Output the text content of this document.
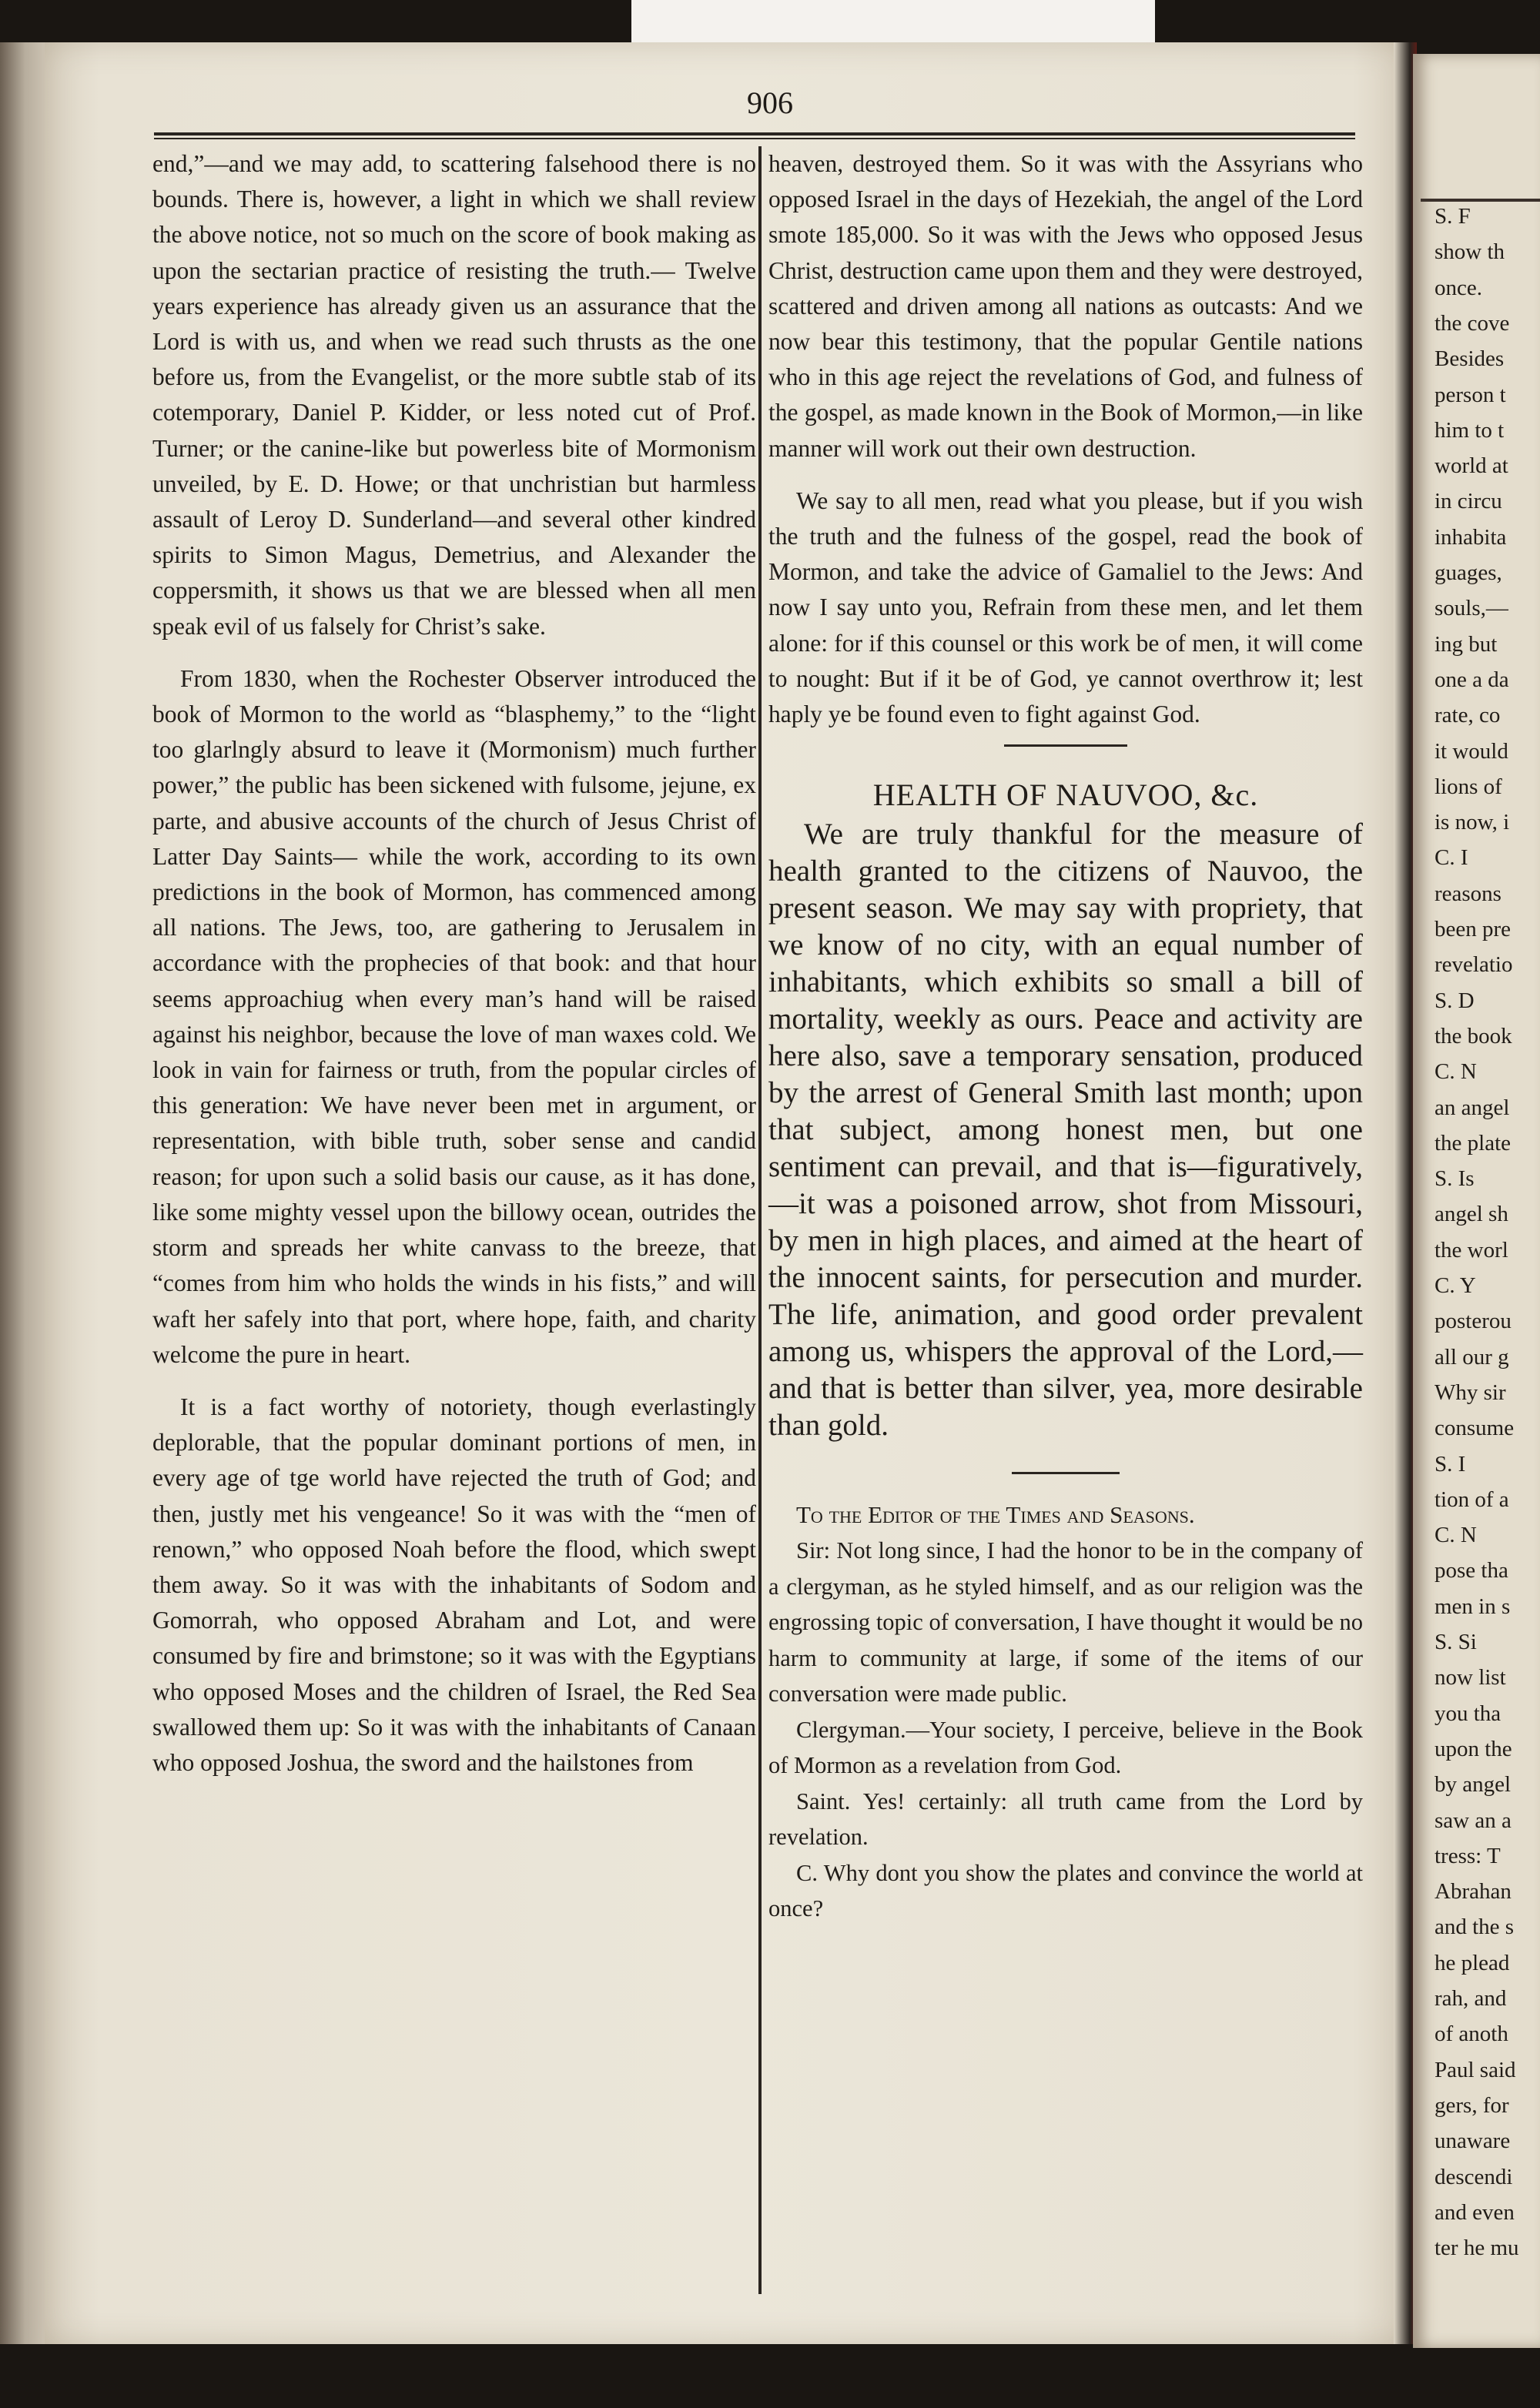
S. F
show th
once.
the cove
Besides
person t
him to t
world at
in circu
inhabita
guages,
souls,—
ing but
one a da
rate, co
it would
lions of
is now, i
C. I
reasons
been pre
revelatio
S. D
the book
C. N
an angel
the plate
S. Is
angel sh
the worl
C. Y
posterou
all our g
Why sir
consume
S. I
tion of a
C. N
pose tha
men in s
S. Si
now list
you tha
upon the
by angel
saw an a
tress: T
Abrahan
and the s
he plead
rah, and
of anoth
Paul said
gers, for
unaware
descendi
and even
ter he mu
906

end,”—and we may add, to scattering falsehood there is no bounds. There is, however, a light in which we shall review the above notice, not so much on the score of book making as upon the sectarian practice of resisting the truth.— Twelve years experience has already given us an assurance that the Lord is with us, and when we read such thrusts as the one before us, from the Evangelist, or the more subtle stab of its cotemporary, Daniel P. Kidder, or less noted cut of Prof. Turner; or the canine-like but powerless bite of Mormonism unveiled, by E. D. Howe; or that unchristian but harmless assault of Leroy D. Sunderland—and several other kindred spirits to Simon Magus, Demetrius, and Alexander the coppersmith, it shows us that we are blessed when all men speak evil of us falsely for Christ’s sake.

From 1830, when the Rochester Observer introduced the book of Mormon to the world as “blasphemy,” to the “light too glarlngly absurd to leave it (Mormonism) much further power,” the public has been sickened with fulsome, jejune, ex parte, and abusive accounts of the church of Jesus Christ of Latter Day Saints— while the work, according to its own predictions in the book of Mormon, has commenced among all nations. The Jews, too, are gathering to Jerusalem in accordance with the prophecies of that book: and that hour seems approachiug when every man’s hand will be raised against his neighbor, because the love of man waxes cold. We look in vain for fairness or truth, from the popular circles of this generation: We have never been met in argument, or representation, with bible truth, sober sense and candid reason; for upon such a solid basis our cause, as it has done, like some mighty vessel upon the billowy ocean, outrides the storm and spreads her white canvass to the breeze, that “comes from him who holds the winds in his fists,” and will waft her safely into that port, where hope, faith, and charity welcome the pure in heart.

It is a fact worthy of notoriety, though everlastingly deplorable, that the popular dominant portions of men, in every age of tge world have rejected the truth of God; and then, justly met his vengeance! So it was with the “men of renown,” who opposed Noah before the flood, which swept them away. So it was with the inhabitants of Sodom and Gomorrah, who opposed Abraham and Lot, and were consumed by fire and brimstone; so it was with the Egyptians who opposed Moses and the children of Israel, the Red Sea swallowed them up: So it was with the inhabitants of Canaan who opposed Joshua, the sword and the hailstones from

heaven, destroyed them. So it was with the Assyrians who opposed Israel in the days of Hezekiah, the angel of the Lord smote 185,000. So it was with the Jews who opposed Jesus Christ, destruction came upon them and they were destroyed, scattered and driven among all nations as outcasts: And we now bear this testimony, that the popular Gentile nations who in this age reject the revelations of God, and fulness of the gospel, as made known in the Book of Mormon,—in like manner will work out their own destruction.

We say to all men, read what you please, but if you wish the truth and the fulness of the gospel, read the book of Mormon, and take the advice of Gamaliel to the Jews: And now I say unto you, Refrain from these men, and let them alone: for if this counsel or this work be of men, it will come to nought: But if it be of God, ye cannot overthrow it; lest haply ye be found even to fight against God.

HEALTH OF NAUVOO, &c.

We are truly thankful for the measure of health granted to the citizens of Nauvoo, the present season. We may say with propriety, that we know of no city, with an equal number of inhabitants, which exhibits so small a bill of mortality, weekly as ours. Peace and activity are here also, save a temporary sensation, produced by the arrest of General Smith last month; upon that subject, among honest men, but one sentiment can prevail, and that is—figuratively,—it was a poisoned arrow, shot from Missouri, by men in high places, and aimed at the heart of the innocent saints, for persecution and murder. The life, animation, and good order prevalent among us, whispers the approval of the Lord,—and that is better than silver, yea, more desirable than gold.

To the Editor of the Times and Seasons.

Sir: Not long since, I had the honor to be in the company of a clergyman, as he styled himself, and as our religion was the engrossing topic of conversation, I have thought it would be no harm to community at large, if some of the items of our conversation were made public.

Clergyman.—Your society, I perceive, believe in the Book of Mormon as a revelation from God.

Saint. Yes! certainly: all truth came from the Lord by revelation.

C. Why dont you show the plates and convince the world at once?
